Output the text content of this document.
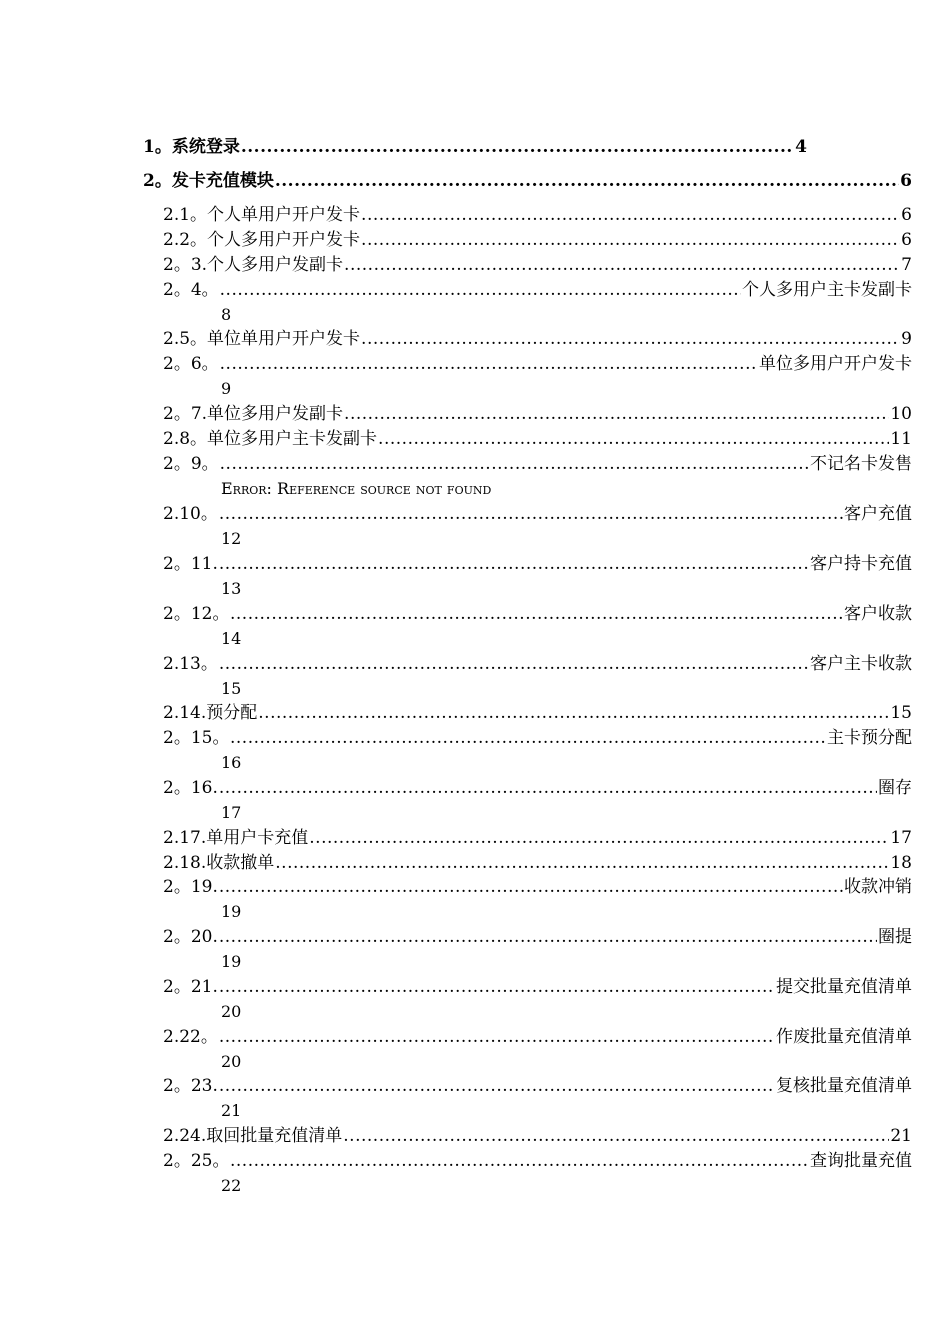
1。 系统登录 .....	4
2。 发卡充值模块 .....	6
2.1。 个人单用户开户发卡 .....	6
2.2。 个人多用户开户发卡 .....	6
2。3. 个人多用户发副卡 .....	7
2。4。 .....	个人多用户主卡发副卡
8
2.5。 单位单用户开户发卡 .....	9
2。6。 .....	单位多用户开户发卡
9
2。7. 单位多用户发副卡 .....	10
2.8。 单位多用户主卡发副卡 .....	11
2。9。 .....	不记名卡发售
Error: Reference source not found
2.10。 .....	客户充值
12
2。11. .....	客户持卡充值
13
2。12。 .....	客户收款
14
2.13。 .....	客户主卡收款
15
2.14. 预分配 .....	15
2。15。 .....	主卡预分配
16
2。16. .....	圈存
17
2.17. 单用户卡充值 .....	17
2.18. 收款撤单 .....	18
2。19. .....	收款冲销
19
2。20. .....	圈提
19
2。21. .....	提交批量充值清单
20
2.22。 .....	作废批量充值清单
20
2。23. .....	复核批量充值清单
21
2.24. 取回批量充值清单 .....	21
2。25。 .....	查询批量充值
22
